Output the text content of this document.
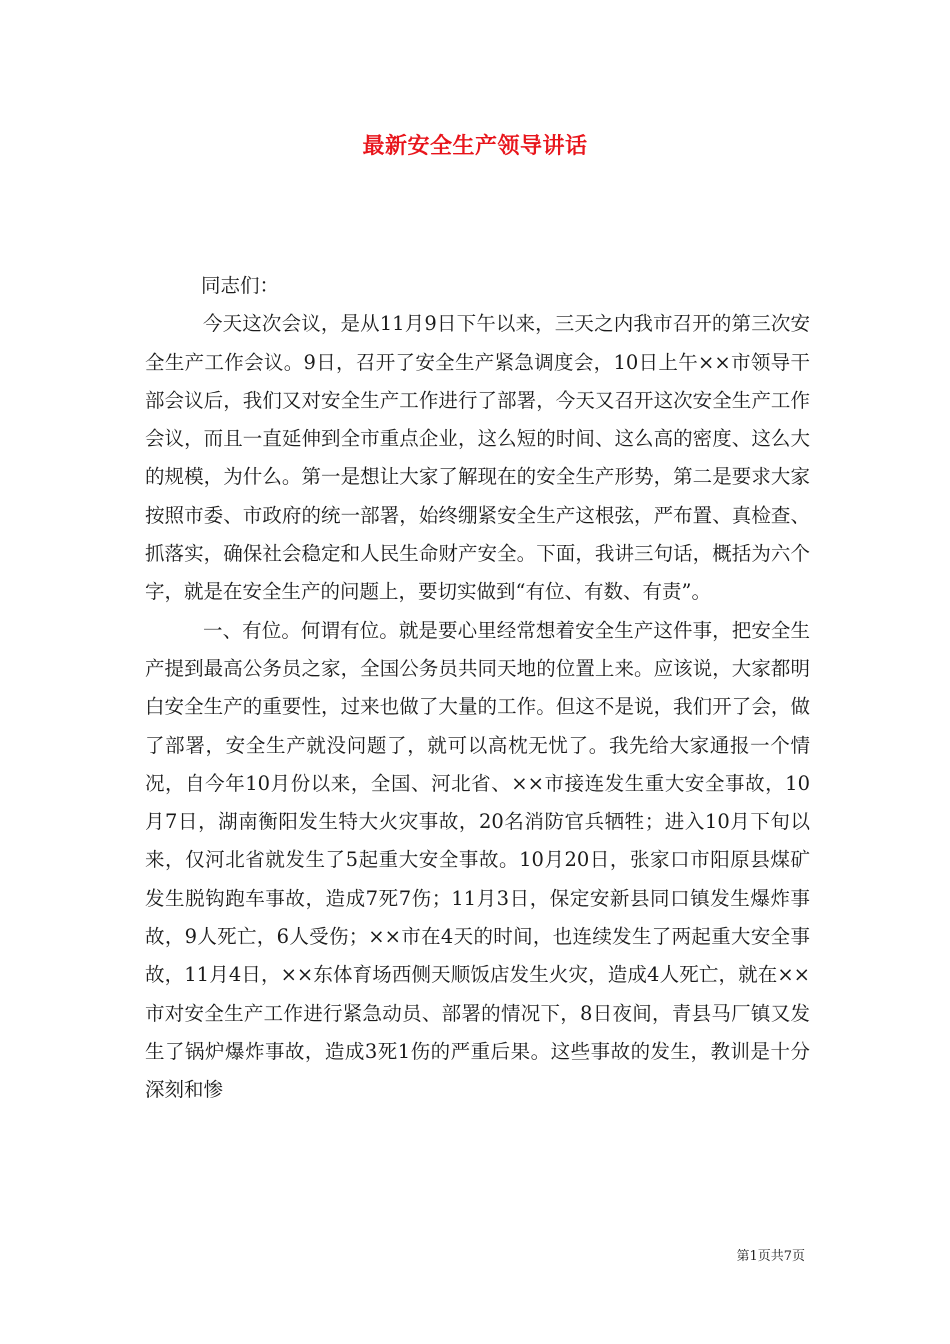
最新安全生产领导讲话

同志们：

今天这次会议，是从11月9日下午以来，三天之内我市召开的第三次安全生产工作会议。9日，召开了安全生产紧急调度会，10日上午××市领导干部会议后，我们又对安全生产工作进行了部署，今天又召开这次安全生产工作会议，而且一直延伸到全市重点企业，这么短的时间、这么高的密度、这么大的规模，为什么。第一是想让大家了解现在的安全生产形势，第二是要求大家按照市委、市政府的统一部署，始终绷紧安全生产这根弦，严布置、真检查、抓落实，确保社会稳定和人民生命财产安全。下面，我讲三句话，概括为六个字，就是在安全生产的问题上，要切实做到“有位、有数、有责”。

一、有位。何谓有位。就是要心里经常想着安全生产这件事，把安全生产提到最高公务员之家，全国公务员共同天地的位置上来。应该说，大家都明白安全生产的重要性，过来也做了大量的工作。但这不是说，我们开了会，做了部署，安全生产就没问题了，就可以高枕无忧了。我先给大家通报一个情况，自今年10月份以来，全国、河北省、××市接连发生重大安全事故，10月7日，湖南衡阳发生特大火灾事故，20名消防官兵牺牲；进入10月下旬以来，仅河北省就发生了5起重大安全事故。10月20日，张家口市阳原县煤矿发生脱钩跑车事故，造成7死7伤；11月3日，保定安新县同口镇发生爆炸事故，9人死亡，6人受伤；××市在4天的时间，也连续发生了两起重大安全事故，11月4日，××东体育场西侧天顺饭店发生火灾，造成4人死亡，就在××市对安全生产工作进行紧急动员、部署的情况下，8日夜间，青县马厂镇又发生了锅炉爆炸事故，造成3死1伤的严重后果。这些事故的发生，教训是十分深刻和惨

第1页共7页
